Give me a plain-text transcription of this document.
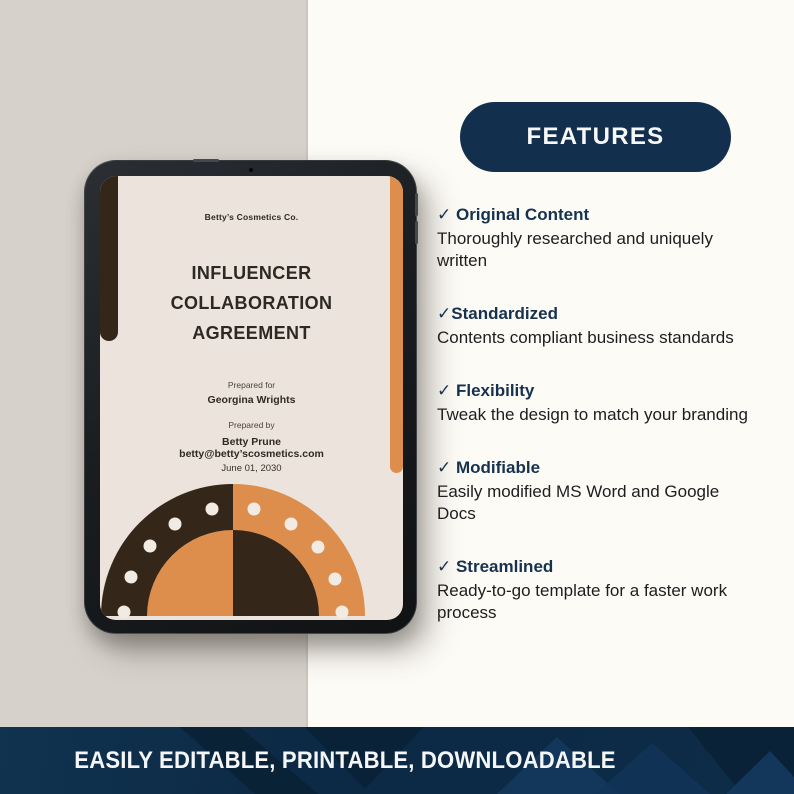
Betty’s Cosmetics Co.
INFLUENCER
COLLABORATION
AGREEMENT
Prepared for
Georgina Wrights
Prepared by
Betty Prune
betty@betty’scosmetics.com
June 01, 2030
FEATURES
✓ Original Content
Thoroughly researched and uniquely written
✓Standardized
Contents compliant business standards
✓ Flexibility
Tweak the design to match your branding
✓ Modifiable
Easily modified MS Word and Google Docs
✓ Streamlined
Ready-to-go template for a faster work process
EASILY EDITABLE, PRINTABLE, DOWNLOADABLE
